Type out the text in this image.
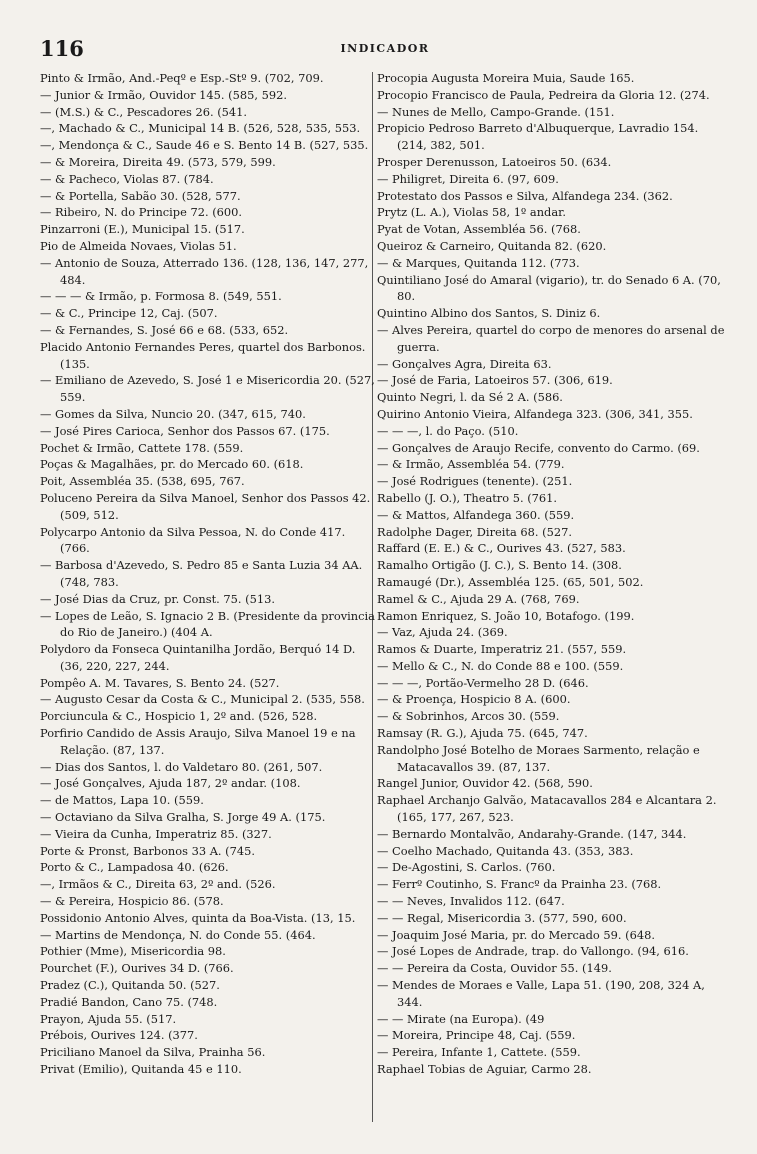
116	INDICADOR

Pinto & Irmão, And.-Peqº e Esp.-Stº 9. (702, 709.

— Junior & Irmão, Ouvidor 145. (585, 592.

— (M.S.) & C., Pescadores 26. (541.

—, Machado & C., Municipal 14 B. (526, 528, 535, 553.

—, Mendonça & C., Saude 46 e S. Bento 14 B. (527, 535.

— & Moreira, Direita 49. (573, 579, 599.

— & Pacheco, Violas 87. (784.

— & Portella, Sabão 30. (528, 577.

— Ribeiro, N. do Principe 72. (600.

Pinzarroni (E.), Municipal 15. (517.

Pio de Almeida Novaes, Violas 51.

— Antonio de Souza, Atterrado 136. (128, 136, 147, 277, 484.

— — — & Irmão, p. Formosa 8. (549, 551.

— & C., Principe 12, Caj. (507.

— & Fernandes, S. José 66 e 68. (533, 652.

Placido Antonio Fernandes Peres, quartel dos Barbonos. (135.

— Emiliano de Azevedo, S. José 1 e Misericordia 20. (527, 559.

— Gomes da Silva, Nuncio 20. (347, 615, 740.

— José Pires Carioca, Senhor dos Passos 67. (175.

Pochet & Irmão, Cattete 178. (559.

Poças & Magalhães, pr. do Mercado 60. (618.

Poit, Assembléa 35. (538, 695, 767.

Poluceno Pereira da Silva Manoel, Senhor dos Passos 42. (509, 512.

Polycarpo Antonio da Silva Pessoa, N. do Conde 417. (766.

— Barbosa d'Azevedo, S. Pedro 85 e Santa Luzia 34 AA. (748, 783.

— José Dias da Cruz, pr. Const. 75. (513.

— Lopes de Leão, S. Ignacio 2 B. (Presidente da provincia do Rio de Janeiro.) (404 A.

Polydoro da Fonseca Quintanilha Jordão, Berquó 14 D. (36, 220, 227, 244.

Pompêo A. M. Tavares, S. Bento 24. (527.

— Augusto Cesar da Costa & C., Municipal 2. (535, 558.

Porciuncula & C., Hospicio 1, 2º and. (526, 528.

Porfirio Candido de Assis Araujo, Silva Manoel 19 e na Relação. (87, 137.

— Dias dos Santos, l. do Valdetaro 80. (261, 507.

— José Gonçalves, Ajuda 187, 2º andar. (108.

— de Mattos, Lapa 10. (559.

— Octaviano da Silva Gralha, S. Jorge 49 A. (175.

— Vieira da Cunha, Imperatriz 85. (327.

Porte & Pronst, Barbonos 33 A. (745.

Porto & C., Lampadosa 40. (626.

—, Irmãos & C., Direita 63, 2º and. (526.

— & Pereira, Hospicio 86. (578.

Possidonio Antonio Alves, quinta da Boa-Vista. (13, 15.

— Martins de Mendonça, N. do Conde 55. (464.

Pothier (Mme), Misericordia 98.

Pourchet (F.), Ourives 34 D. (766.

Pradez (C.), Quitanda 50. (527.

Pradié Bandon, Cano 75. (748.

Prayon, Ajuda 55. (517.

Prébois, Ourives 124. (377.

Priciliano Manoel da Silva, Prainha 56.

Privat (Emilio), Quitanda 45 e 110.

Procopia Augusta Moreira Muia, Saude 165.

Procopio Francisco de Paula, Pedreira da Gloria 12. (274.

— Nunes de Mello, Campo-Grande. (151.

Propicio Pedroso Barreto d'Albuquerque, Lavradio 154. (214, 382, 501.

Prosper Derenusson, Latoeiros 50. (634.

— Philigret, Direita 6. (97, 609.

Protestato dos Passos e Silva, Alfandega 234. (362.

Prytz (L. A.), Violas 58, 1º andar.

Pyat de Votan, Assembléa 56. (768.

Queiroz & Carneiro, Quitanda 82. (620.

— & Marques, Quitanda 112. (773.

Quintiliano José do Amaral (vigario), tr. do Senado 6 A. (70, 80.

Quintino Albino dos Santos, S. Diniz 6.

— Alves Pereira, quartel do corpo de menores do arsenal de guerra.

— Gonçalves Agra, Direita 63.

— José de Faria, Latoeiros 57. (306, 619.

Quinto Negri, l. da Sé 2 A. (586.

Quirino Antonio Vieira, Alfandega 323. (306, 341, 355.

— — —, l. do Paço. (510.

— Gonçalves de Araujo Recife, convento do Carmo. (69.

— & Irmão, Assembléa 54. (779.

— José Rodrigues (tenente). (251.

Rabello (J. O.), Theatro 5. (761.

— & Mattos, Alfandega 360. (559.

Radolphe Dager, Direita 68. (527.

Raffard (E. E.) & C., Ourives 43. (527, 583.

Ramalho Ortigão (J. C.), S. Bento 14. (308.

Ramaugé (Dr.), Assembléa 125. (65, 501, 502.

Ramel & C., Ajuda 29 A. (768, 769.

Ramon Enriquez, S. João 10, Botafogo. (199.

— Vaz, Ajuda 24. (369.

Ramos & Duarte, Imperatriz 21. (557, 559.

— Mello & C., N. do Conde 88 e 100. (559.

— — —, Portão-Vermelho 28 D. (646.

— & Proença, Hospicio 8 A. (600.

— & Sobrinhos, Arcos 30. (559.

Ramsay (R. G.), Ajuda 75. (645, 747.

Randolpho José Botelho de Moraes Sarmento, relação e Matacavallos 39. (87, 137.

Rangel Junior, Ouvidor 42. (568, 590.

Raphael Archanjo Galvão, Matacavallos 284 e Alcantara 2. (165, 177, 267, 523.

— Bernardo Montalvão, Andarahy-Grande. (147, 344.

— Coelho Machado, Quitanda 43. (353, 383.

— De-Agostini, S. Carlos. (760.

— Ferrº Coutinho, S. Francº da Prainha 23. (768.

— — Neves, Invalidos 112. (647.

— — Regal, Misericordia 3. (577, 590, 600.

— Joaquim José Maria, pr. do Mercado 59. (648.

— José Lopes de Andrade, trap. do Vallongo. (94, 616.

— — Pereira da Costa, Ouvidor 55. (149.

— Mendes de Moraes e Valle, Lapa 51. (190, 208, 324 A, 344.

— — Mirate (na Europa). (49

— Moreira, Principe 48, Caj. (559.

— Pereira, Infante 1, Cattete. (559.

Raphael Tobias de Aguiar, Carmo 28.
